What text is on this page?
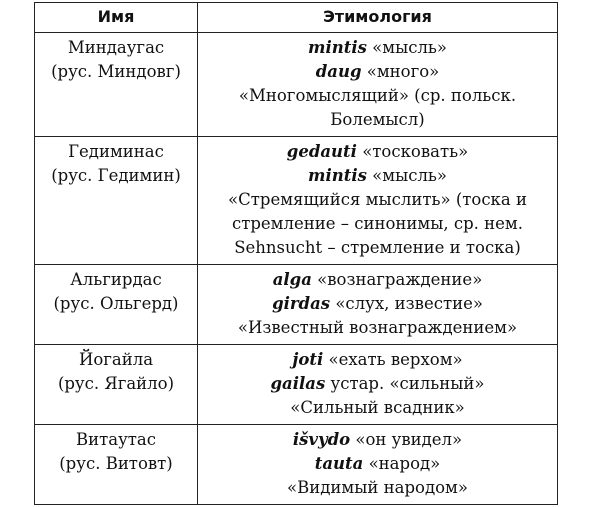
Имя	Этимология

Миндаугас
(рус. Миндовг)	mintis «мысль»
daug «много»
«Многомыслящий» (ср. польск.
Болемысл)

Гедиминас
(рус. Гедимин)	gedauti «тосковать»
mintis «мысль»
«Стремящийся мыслить» (тоска и
стремление – синонимы, ср. нем.
Sehnsucht – стремление и тоска)

Альгирдас
(рус. Ольгерд)	alga «вознаграждение»
girdas «слух, известие»
«Известный вознаграждением»

Йогайла
(рус. Ягайло)	joti «ехать верхом»
gailas устар. «сильный»
«Сильный всадник»

Витаутас
(рус. Витовт)	išvydo «он увидел»
tauta «народ»
«Видимый народом»
